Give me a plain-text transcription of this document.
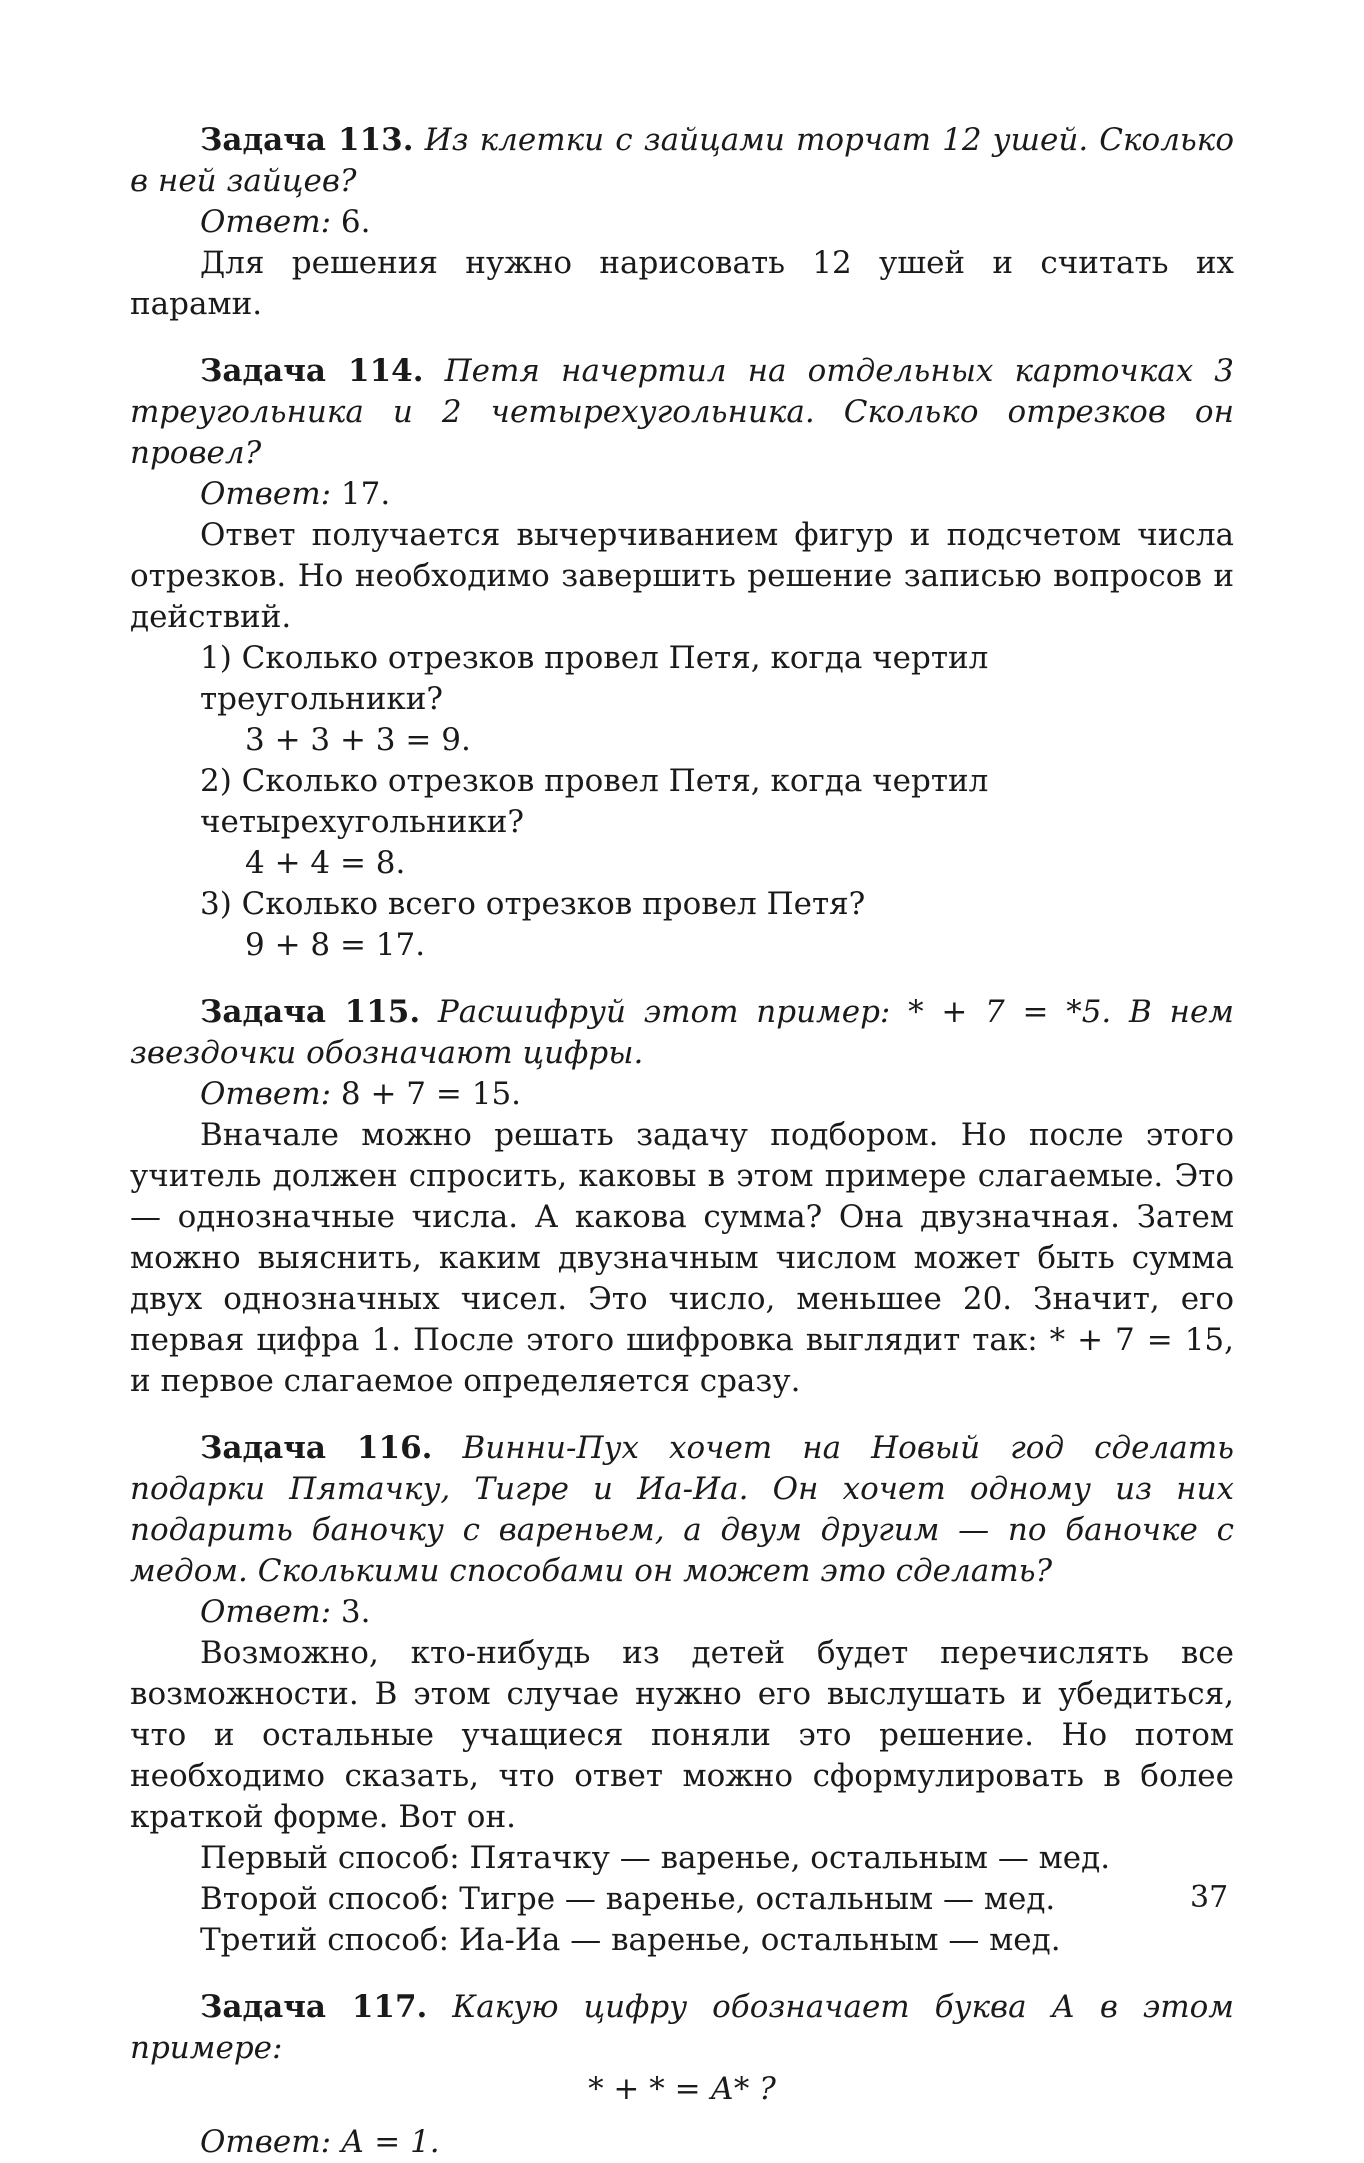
Задача 113. Из клетки с зайцами торчат 12 ушей. Сколько в ней зайцев?

Ответ: 6.

Для решения нужно нарисовать 12 ушей и считать их парами.

Задача 114. Петя начертил на отдельных карточках 3 треугольника и 2 четырехугольника. Сколько отрезков он провел?

Ответ: 17.

Ответ получается вычерчиванием фигур и подсчетом числа отрезков. Но необходимо завершить решение записью вопросов и действий.

1) Сколько отрезков провел Петя, когда чертил треугольники?

3 + 3 + 3 = 9.

2) Сколько отрезков провел Петя, когда чертил четырехугольники?

4 + 4 = 8.

3) Сколько всего отрезков провел Петя?

9 + 8 = 17.

Задача 115. Расшифруй этот пример: * + 7 = *5. В нем звездочки обозначают цифры.

Ответ: 8 + 7 = 15.

Вначале можно решать задачу подбором. Но после этого учитель должен спросить, каковы в этом примере слагаемые. Это — однозначные числа. А какова сумма? Она двузначная. Затем можно выяснить, каким двузначным числом может быть сумма двух однозначных чисел. Это число, меньшее 20. Значит, его первая цифра 1. После этого шифровка выглядит так: * + 7 = 15, и первое слагаемое определяется сразу.

Задача 116. Винни-Пух хочет на Новый год сделать подарки Пятачку, Тигре и Иа-Иа. Он хочет одному из них подарить баночку с вареньем, а двум другим — по баночке с медом. Сколькими способами он может это сделать?

Ответ: 3.

Возможно, кто-нибудь из детей будет перечислять все возможности. В этом случае нужно его выслушать и убедиться, что и остальные учащиеся поняли это решение. Но потом необходимо сказать, что ответ можно сформулировать в более краткой форме. Вот он.

Первый способ: Пятачку — варенье, остальным — мед.

Второй способ: Тигре — варенье, остальным — мед.

Третий способ: Иа-Иа — варенье, остальным — мед.

Задача 117. Какую цифру обозначает буква А в этом примере:

* + * = А* ?

Ответ: А = 1.

37
